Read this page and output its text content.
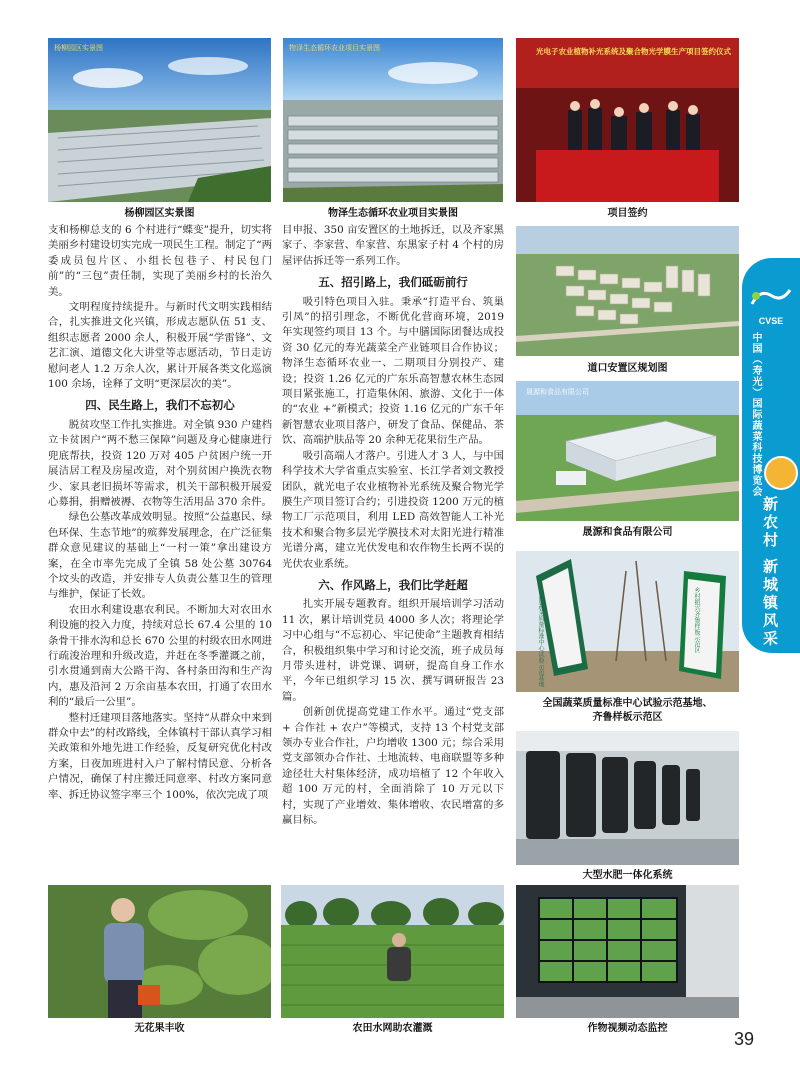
杨柳园区实景图
杨柳园区实景图
物泽生态循环农业项目实景图
物泽生态循环农业项目实景图
光电子农业植物补光系统及聚合物光学膜生产项目签约仪式
项目签约
道口安置区规划图
晟源和食品有限公司
晟源和食品有限公司
全国蔬菜质量标准中心试验示范基地	乡村振兴齐鲁样板示范区
全国蔬菜质量标准中心试验示范基地、
齐鲁样板示范区
大型水肥一体化系统
无花果丰收	农田水网助农灌溉	作物视频动态监控
CVSE
中国（寿光）国际蔬菜科技博览会
新农村 新城镇风采

支和杨柳总支的 6 个村进行“蝶变”提升，切实将美丽乡村建设切实完成一项民生工程。制定了“两委成员包片区、小组长包巷子、村民包门前”的“三包”责任制，实现了美丽乡村的长治久美。

文明程度持续提升。与新时代文明实践相结合，扎实推进文化兴镇，形成志愿队伍 51 支、组织志愿者 2000 余人，积极开展“学雷锋”、文艺汇演、道德文化大讲堂等志愿活动，节日走访慰问老人 1.2 万余人次，累计开展各类文化巡演 100 余场，诠释了文明“更深层次的美”。

四、民生路上，我们不忘初心

脱贫攻坚工作扎实推进。对全镇 930 户建档立卡贫困户“两不愁三保障”问题及身心健康进行兜底帮扶，投资 120 万对 405 户贫困户统一开展洁居工程及房屋改造，对个别贫困户换洗衣物少、家具老旧损坏等需求，机关干部积极开展爱心募捐，捐赠被褥、衣物等生活用品 370 余件。

绿色公墓改革成效明显。按照“公益惠民、绿色环保、生态节地”的殡葬发展理念，在广泛征集群众意见建议的基础上“一村一策”拿出建设方案，在全市率先完成了全镇 58 处公墓 30764 个坟头的改造，并安排专人负责公墓卫生的管理与维护，保证了长效。

农田水利建设惠农利民。不断加大对农田水利设施的投入力度，持续对总长 67.4 公里的 10 条骨干排水沟和总长 670 公里的村级农田水网进行疏浚治理和升级改造，并赶在冬季灌溉之前，引水贯通到南大公路干沟、各村条田沟和生产沟内，惠及沿河 2 万余亩基本农田，打通了农田水利的“最后一公里”。

整村迁建项目落地落实。坚持“从群众中来到群众中去”的村改路线，全体镇村干部认真学习相关政策和外地先进工作经验，反复研究优化村改方案，日夜加班进村入户了解村情民意、分析各户情况，确保了村庄搬迁同意率、村改方案同意率、拆迁协议签字率三个 100%，依次完成了项

目申报、350 亩安置区的土地拆迁，以及齐家黑家子、李家营、牟家营、东黑家子村 4 个村的房屋评估拆迁等一系列工作。

五、招引路上，我们砥砺前行

吸引特色项目入驻。秉承“打造平台、筑巢引凤”的招引理念，不断优化营商环境，2019 年实现签约项目 13 个。与中膳国际团餐达成投资 30 亿元的寿光蔬菜全产业链项目合作协议；物泽生态循环农业一、二期项目分别投产、建设；投资 1.26 亿元的广东乐高智慧农林生态园项目紧张施工，打造集休闲、旅游、文化于一体的“农业 +”新模式；投资 1.16 亿元的广东千年新智慧农业项目落户，研发了食品、保健品、茶饮、高端护肤品等 20 余种无花果衍生产品。

吸引高端人才落户。引进人才 3 人，与中国科学技术大学省重点实验室、长江学者刘文教授团队，就光电子农业植物补光系统及聚合物光学膜生产项目签订合约；引进投资 1200 万元的植物工厂示范项目，利用 LED 高效智能人工补光技术和聚合物多层光学膜技术对太阳光进行精准光谱分离，建立光伏发电和农作物生长两不误的光伏农业系统。

六、作风路上，我们比学赶超

扎实开展专题教育。组织开展培训学习活动 11 次，累计培训党员 4000 多人次；将理论学习中心组与“不忘初心、牢记使命”主题教育相结合，积极组织集中学习和讨论交流，班子成员每月带头进村，讲党课、调研，提高自身工作水平，今年已组织学习 15 次、撰写调研报告 23 篇。

创新创优提高党建工作水平。通过“党支部 + 合作社 + 农户”等模式，支持 13 个村党支部领办专业合作社，户均增收 1300 元；综合采用党支部领办合作社、土地流转、电商联盟等多种途径壮大村集体经济，成功培植了 12 个年收入超 100 万元的村，全面消除了 10 万元以下村，实现了产业增效、集体增收、农民增富的多赢目标。

39
